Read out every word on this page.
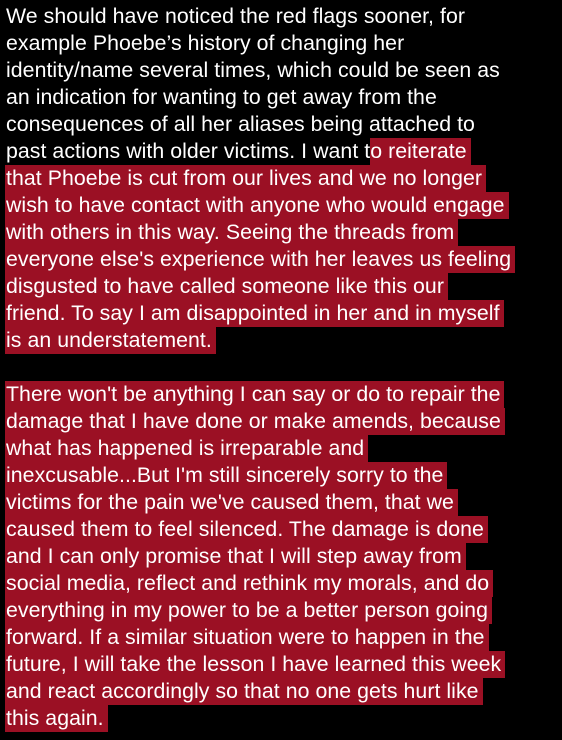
We should have noticed the red flags sooner, for
example Phoebe’s history of changing her
identity/name several times, which could be seen as
an indication for wanting to get away from the
consequences of all her aliases being attached to
past actions with older victims. I want to reiterate
that Phoebe is cut from our lives and we no longer
wish to have contact with anyone who would engage
with others in this way. Seeing the threads from
everyone else's experience with her leaves us feeling
disgusted to have called someone like this our
friend. To say I am disappointed in her and in myself
is an understatement.

There won't be anything I can say or do to repair the
damage that I have done or make amends, because
what has happened is irreparable and
inexcusable...But I'm still sincerely sorry to the
victims for the pain we've caused them, that we
caused them to feel silenced. The damage is done
and I can only promise that I will step away from
social media, reflect and rethink my morals, and do
everything in my power to be a better person going
forward. If a similar situation were to happen in the
future, I will take the lesson I have learned this week
and react accordingly so that no one gets hurt like
this again.
